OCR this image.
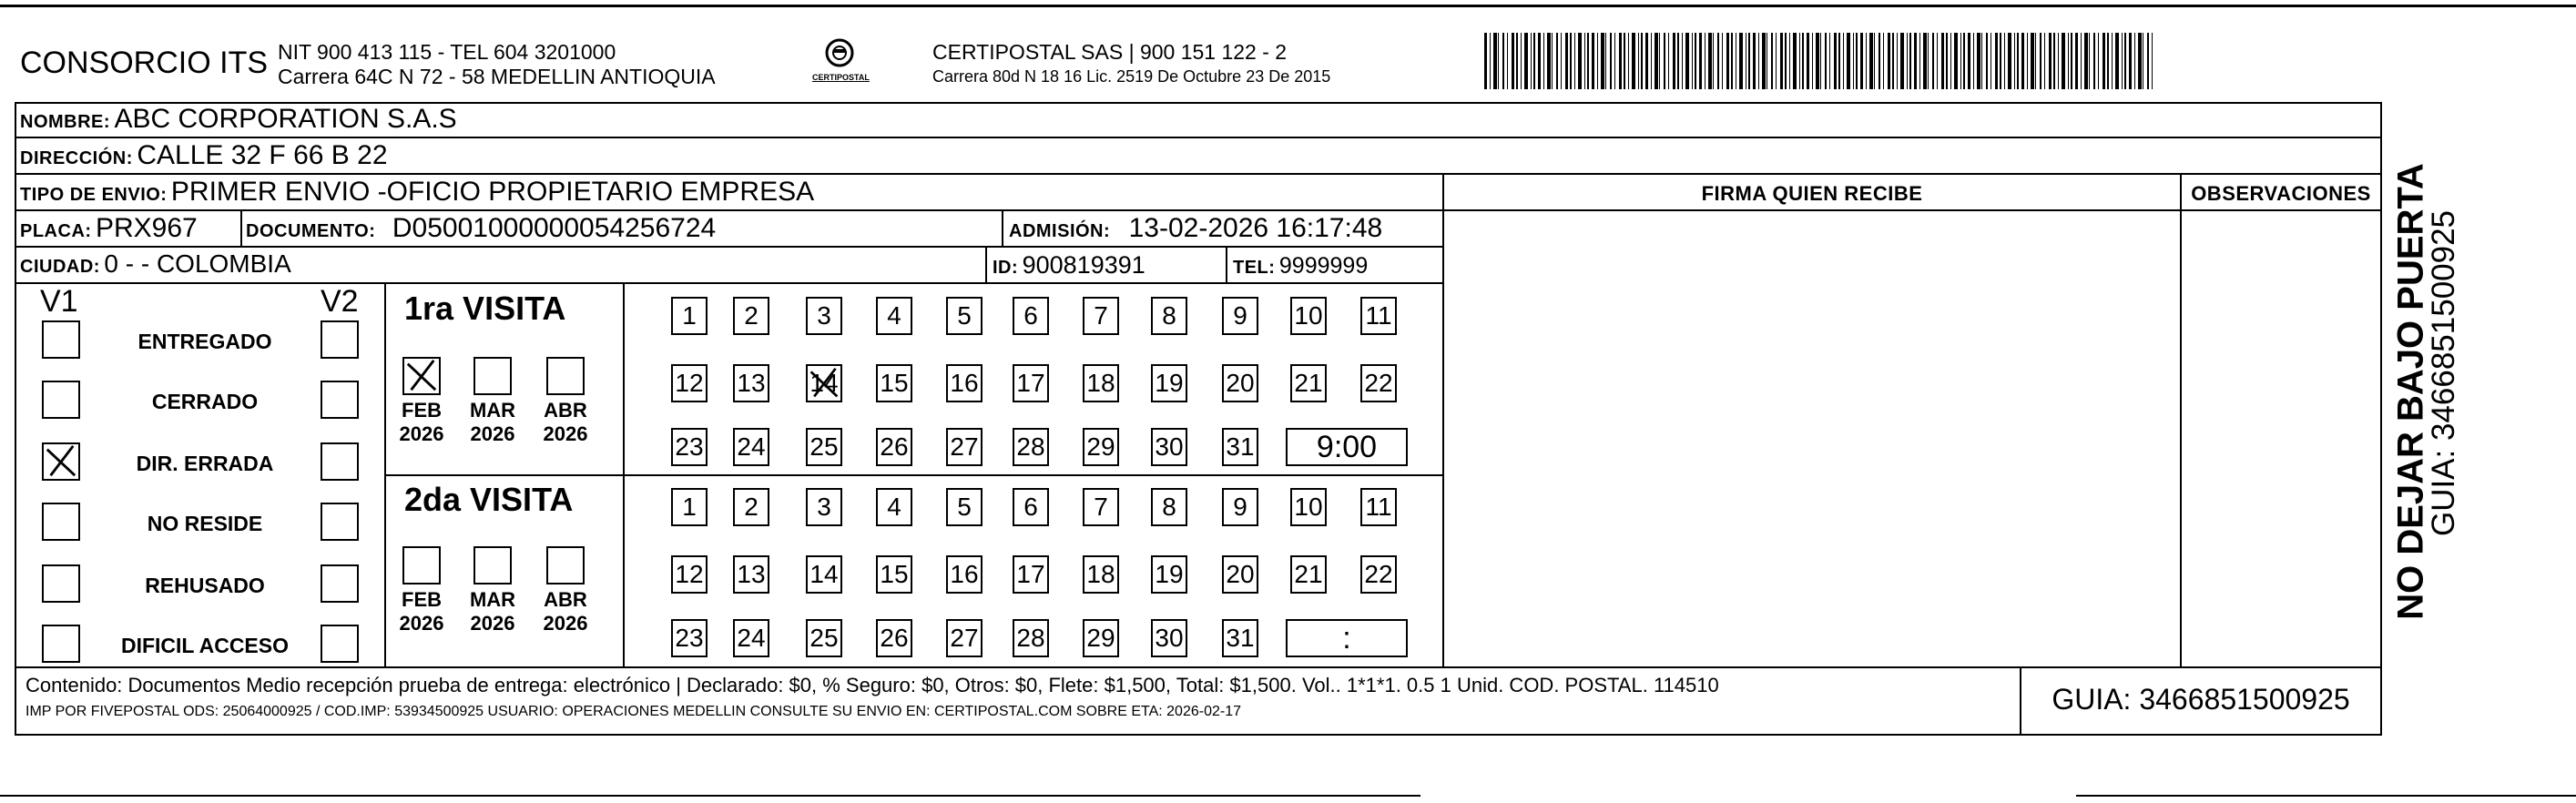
CONSORCIO ITS NIT 900 413 115 - TEL 604 3201000
Carrera 64C N 72 - 58 MEDELLIN ANTIOQUIA	CERTIPOSTAL
CERTIPOSTAL SAS | 900 151 122 - 2
Carrera 80d N 18 16 Lic. 2519 De Octubre 23 De 2015
FIRMA QUIEN RECIBE	OBSERVACIONES
NOMBRE: ABC CORPORATION S.A.S
DIRECCIÓN: CALLE 32 F 66 B 22
TIPO DE ENVIO: PRIMER ENVIO -OFICIO PROPIETARIO EMPRESA
PLACA: PRX967	DOCUMENTO: D05001000000054256724	ADMISIÓN: 13-02-2026 16:17:48
CIUDAD: 0 - - COLOMBIA	ID: 900819391	TEL: 9999999
V1	V2 1ra VISITA
2da VISITA
Contenido: Documentos Medio recepción prueba de entrega: electrónico | Declarado: $0, % Seguro: $0, Otros: $0, Flete: $1,500, Total: $1,500. Vol.. 1*1*1. 0.5 1 Unid. COD. POSTAL. 114510
IMP POR FIVEPOSTAL ODS: 25064000925 / COD.IMP: 53934500925 USUARIO: OPERACIONES MEDELLIN CONSULTE SU ENVIO EN: CERTIPOSTAL.COM SOBRE ETA: 2026-02-17	GUIA: 3466851500925
NO DEJAR BAJO PUERTA
GUIA: 3466851500925
ENTREGADO
CERRADO
DIR. ERRADA
NO RESIDE
REHUSADO
DIFICIL ACCESO
FEB
2026
MAR
2026
ABR
2026
FEB
2026
MAR
2026
ABR
2026
1	2	3	4	5	6	7	8	9	10 11
12 13 14 15 16 17 18 19 20 21 22
23 24 25 26 27 28 29 30 31	9:00
1	2	3	4	5	6	7	8	9	10 11
12 13 14 15 16 17 18 19 20 21 22
23 24 25 26 27 28 29 30 31	:
